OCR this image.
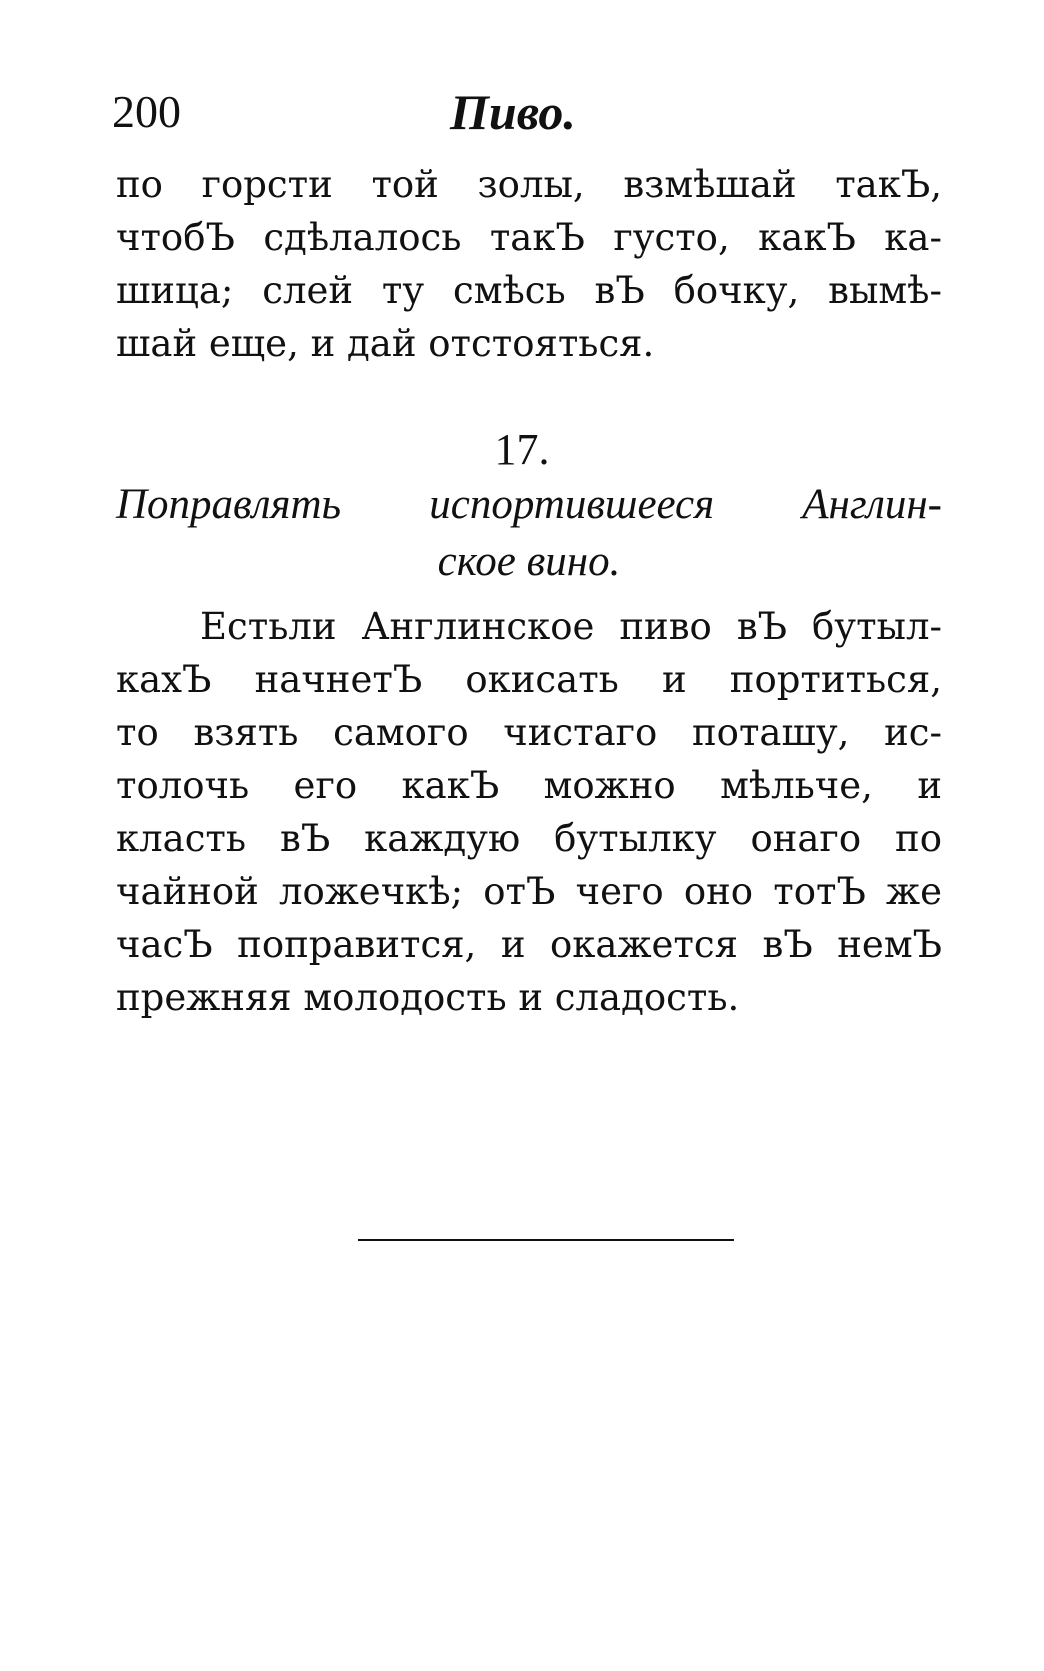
200	Пиво.
по горсти той золы, взмѣшай такЪ,
чтобЪ сдѣлалось такЪ густо, какЪ ка-
шица; слей ту смѣсь вЪ бочку, вымѣ-
шай еще, и дай отстояться.
17.
Поправлять испортившееся Англин-
ское вино.
Естьли Англинское пиво вЪ бутыл-
кахЪ начнетЪ окисать и портиться,
то взять самого чистаго поташу, ис-
толочь его какЪ можно мѣльче, и
класть вЪ каждую бутылку онаго по
чайной ложечкѣ; отЪ чего оно тотЪ же
часЪ поправится, и окажется вЪ немЪ
прежняя молодость и сладость.
